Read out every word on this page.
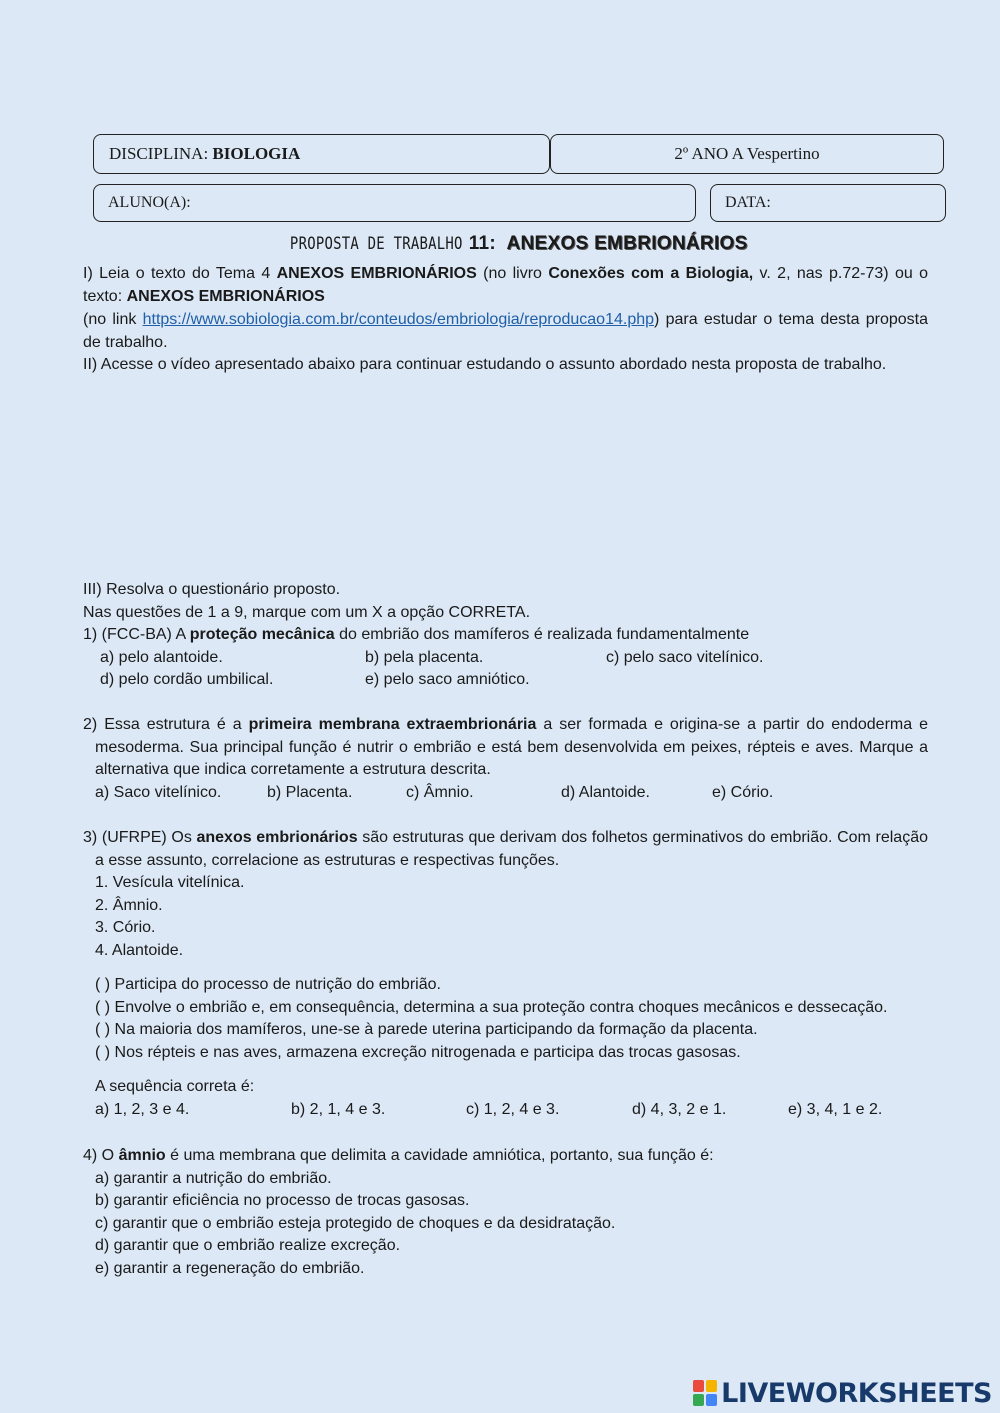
DISCIPLINA: BIOLOGIA	2º ANO A Vespertino
ALUNO(A):	DATA:
PROPOSTA DE TRABALHO 11: ANEXOS EMBRIONÁRIOS
I) Leia o texto do Tema 4 ANEXOS EMBRIONÁRIOS (no livro Conexões com a Biologia, v. 2, nas p.72-73) ou o texto: ANEXOS EMBRIONÁRIOS
(no link https://www.sobiologia.com.br/conteudos/embriologia/reproducao14.php) para estudar o tema desta proposta de trabalho.
II) Acesse o vídeo apresentado abaixo para continuar estudando o assunto abordado nesta proposta de trabalho.
III) Resolva o questionário proposto.
Nas questões de 1 a 9, marque com um X a opção CORRETA.
1) (FCC-BA) A proteção mecânica do embrião dos mamíferos é realizada fundamentalmente
a) pelo alantoide.	b) pela placenta.	c) pelo saco vitelínico.
d) pelo cordão umbilical.	e) pelo saco amniótico.
2) Essa estrutura é a primeira membrana extraembrionária a ser formada e origina-se a partir do endoderma e mesoderma. Sua principal função é nutrir o embrião e está bem desenvolvida em peixes, répteis e aves. Marque a alternativa que indica corretamente a estrutura descrita.
a) Saco vitelínico.	b) Placenta.	c) Âmnio.	d) Alantoide.	e) Cório.
3) (UFRPE) Os anexos embrionários são estruturas que derivam dos folhetos germinativos do embrião. Com relação a esse assunto, correlacione as estruturas e respectivas funções.
1. Vesícula vitelínica.
2. Âmnio.
3. Cório.
4. Alantoide.
( ) Participa do processo de nutrição do embrião.
( ) Envolve o embrião e, em consequência, determina a sua proteção contra choques mecânicos e dessecação.
( ) Na maioria dos mamíferos, une-se à parede uterina participando da formação da placenta.
( ) Nos répteis e nas aves, armazena excreção nitrogenada e participa das trocas gasosas.
A sequência correta é:
a) 1, 2, 3 e 4.	b) 2, 1, 4 e 3.	c) 1, 2, 4 e 3.	d) 4, 3, 2 e 1.	e) 3, 4, 1 e 2.
4) O âmnio é uma membrana que delimita a cavidade amniótica, portanto, sua função é:
a) garantir a nutrição do embrião.
b) garantir eficiência no processo de trocas gasosas.
c) garantir que o embrião esteja protegido de choques e da desidratação.
d) garantir que o embrião realize excreção.
e) garantir a regeneração do embrião.
LIVEWORKSHEETS
